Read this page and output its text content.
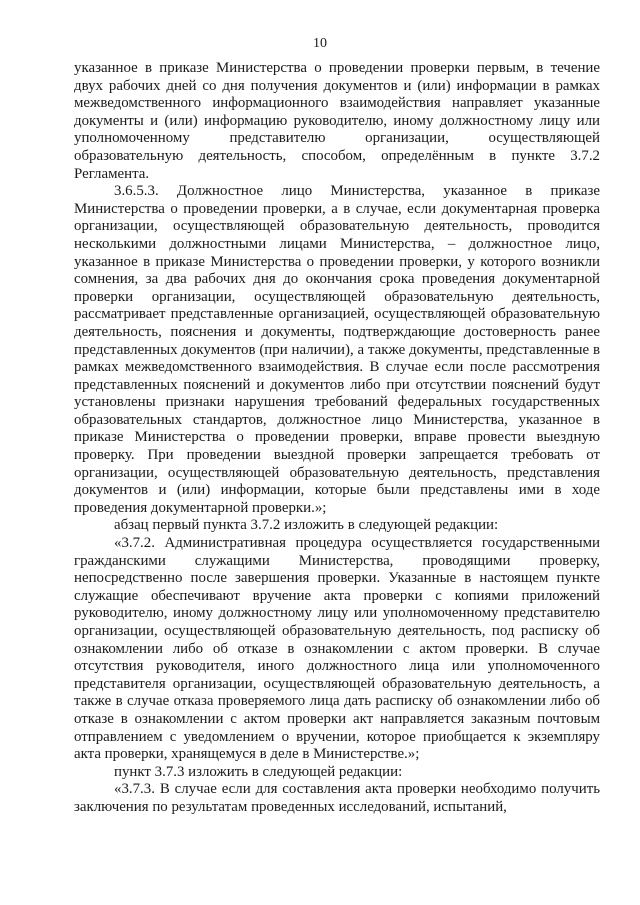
10

указанное в приказе Министерства о проведении проверки первым, в течение двух рабочих дней со дня получения документов и (или) информации в рамках межведомственного информационного взаимодействия направляет указанные документы и (или) информацию руководителю, иному должностному лицу или уполномоченному представителю организации, осуществляющей образовательную деятельность, способом, определённым в пункте 3.7.2 Регламента.

3.6.5.3. Должностное лицо Министерства, указанное в приказе Министерства о проведении проверки, а в случае, если документарная проверка организации, осуществляющей образовательную деятельность, проводится несколькими должностными лицами Министерства, – должностное лицо, указанное в приказе Министерства о проведении проверки, у которого возникли сомнения, за два рабочих дня до окончания срока проведения документарной проверки организации, осуществляющей образовательную деятельность, рассматривает представленные организацией, осуществляющей образовательную деятельность, пояснения и документы, подтверждающие достоверность ранее представленных документов (при наличии), а также документы, представленные в рамках межведомственного взаимодействия. В случае если после рассмотрения представленных пояснений и документов либо при отсутствии пояснений будут установлены признаки нарушения требований федеральных государственных образовательных стандартов, должностное лицо Министерства, указанное в приказе Министерства о проведении проверки, вправе провести выездную проверку. При проведении выездной проверки запрещается требовать от организации, осуществляющей образовательную деятельность, представления документов и (или) информации, которые были представлены ими в ходе проведения документарной проверки.»;

абзац первый пункта 3.7.2 изложить в следующей редакции:

«3.7.2. Административная процедура осуществляется государственными гражданскими служащими Министерства, проводящими проверку, непосредственно после завершения проверки. Указанные в настоящем пункте служащие обеспечивают вручение акта проверки с копиями приложений руководителю, иному должностному лицу или уполномоченному представителю организации, осуществляющей образовательную деятельность, под расписку об ознакомлении либо об отказе в ознакомлении с актом проверки. В случае отсутствия руководителя, иного должностного лица или уполномоченного представителя организации, осуществляющей образовательную деятельность, а также в случае отказа проверяемого лица дать расписку об ознакомлении либо об отказе в ознакомлении с актом проверки акт направляется заказным почтовым отправлением с уведомлением о вручении, которое приобщается к экземпляру акта проверки, хранящемуся в деле в Министерстве.»;

пункт 3.7.3 изложить в следующей редакции:

«3.7.3. В случае если для составления акта проверки необходимо получить заключения по результатам проведенных исследований, испытаний,
